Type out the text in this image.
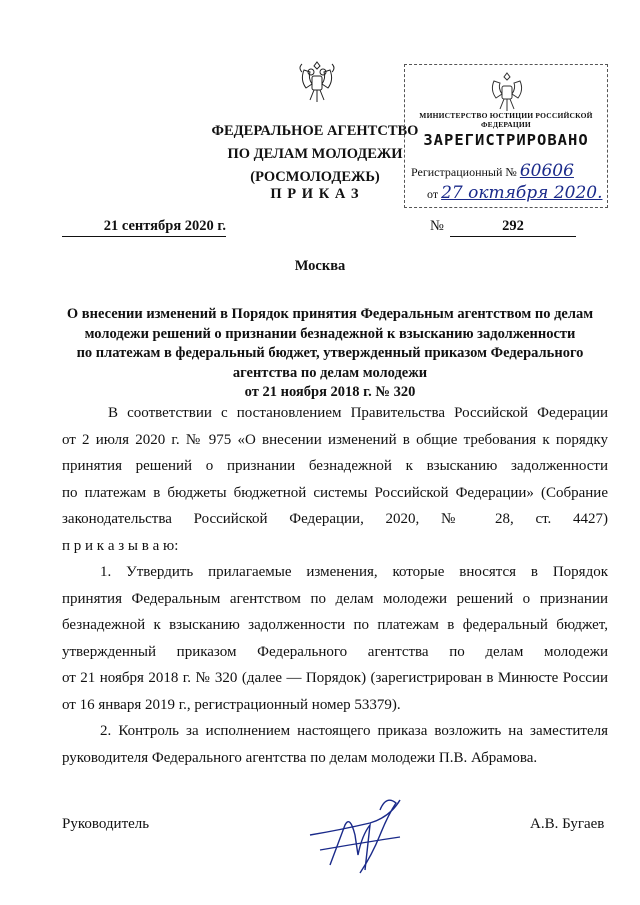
ФЕДЕРАЛЬНОЕ АГЕНТСТВО
ПО ДЕЛАМ МОЛОДЕЖИ
(РОСМОЛОДЕЖЬ)
П Р И К А З
МИНИСТЕРСТВО ЮСТИЦИИ РОССИЙСКОЙ ФЕДЕРАЦИИ
ЗАРЕГИСТРИРОВАНО
Регистрационный № 60606
от 27 октября 2020.
21 сентября 2020 г.	№	292
Москва
О внесении изменений в Порядок принятия Федеральным агентством по делам
молодежи решений о признании безнадежной к взысканию задолженности
по платежам в федеральный бюджет, утвержденный приказом Федерального
агентства по делам молодежи
от 21 ноября 2018 г. № 320
В соответствии с постановлением Правительства Российской Федерации
от 2 июля 2020 г. № 975 «О внесении изменений в общие требования к порядку
принятия решений о признании безнадежной к взысканию задолженности
по платежам в бюджеты бюджетной системы Российской Федерации» (Собрание
законодательства Российской Федерации, 2020, № 28, ст. 4427)
п р и к а з ы в а ю:
1. Утвердить прилагаемые изменения, которые вносятся в Порядок
принятия Федеральным агентством по делам молодежи решений о признании
безнадежной к взысканию задолженности по платежам в федеральный бюджет,
утвержденный приказом Федерального агентства по делам молодежи
от 21 ноября 2018 г. № 320 (далее — Порядок) (зарегистрирован в Минюсте России
от 16 января 2019 г., регистрационный номер 53379).
2. Контроль за исполнением настоящего приказа возложить на заместителя
руководителя Федерального агентства по делам молодежи П.В. Абрамова.
Руководитель	А.В. Бугаев
